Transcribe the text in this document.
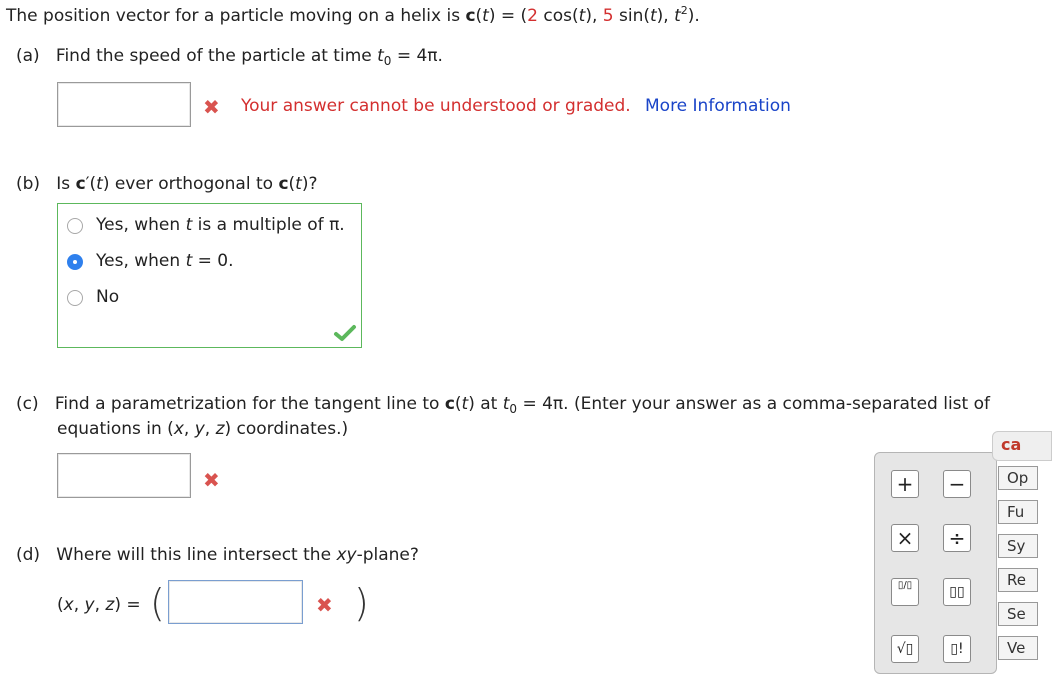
The position vector for a particle moving on a helix is c(t) = (2 cos(t), 5 sin(t), $t^2$).
(a) Find the speed of the particle at time $t_0 = 4\pi$.
✖ Your answer cannot be understood or graded. More Information
(b) Is c′(t) ever orthogonal to c(t)?
Yes, when t is a multiple of π.
Yes, when t = 0.
No
(c) Find a parametrization for the tangent line to c(t) at $t_0 = 4\pi$. (Enter your answer as a comma-separated list of
equations in (x, y, z) coordinates.)
✖
(d) Where will this line intersect the xy-plane?
(x, y, z) = (	✖ )
+ −
× ÷
▯/▯	▯▯
√▯	▯!
ca
Op
Fu
Sy
Re
Se
Ve
